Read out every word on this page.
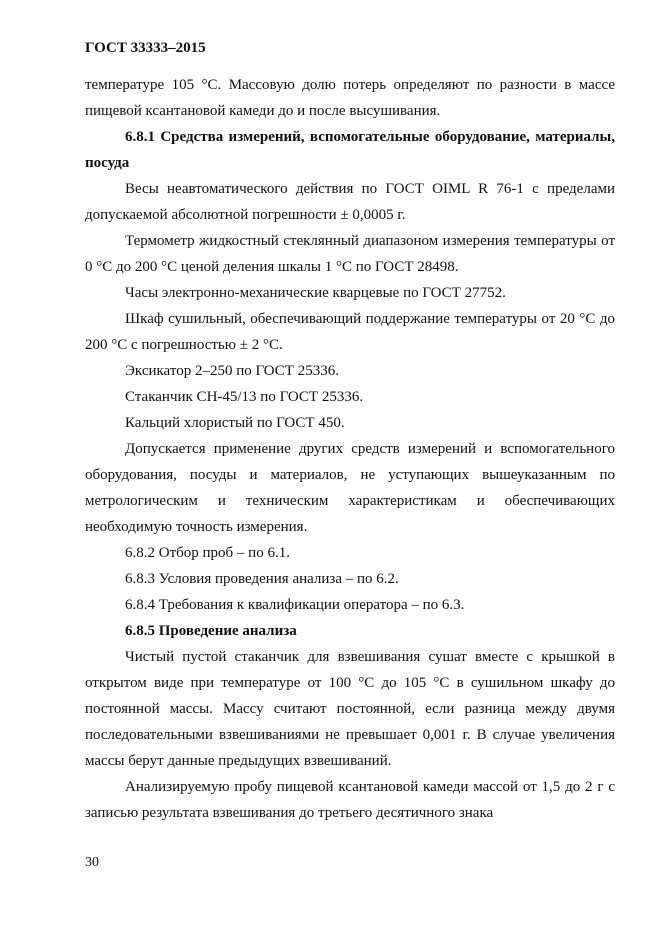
ГОСТ 33333–2015

температуре 105 °С. Массовую долю потерь определяют по разности в массе пищевой ксантановой камеди до и после высушивания.

6.8.1 Средства измерений, вспомогательные оборудование, материалы, посуда

Весы неавтоматического действия по ГОСТ OIML R 76-1 с пределами допускаемой абсолютной погрешности ± 0,0005 г.

Термометр жидкостный стеклянный диапазоном измерения температуры от 0 °С до 200 °С ценой деления шкалы 1 °С по ГОСТ 28498.

Часы электронно-механические кварцевые по ГОСТ 27752.

Шкаф сушильный, обеспечивающий поддержание температуры от 20 °С до 200 °С с погрешностью ± 2 °С.

Эксикатор 2–250 по ГОСТ 25336.

Стаканчик СН-45/13 по ГОСТ 25336.

Кальций хлористый по ГОСТ 450.

Допускается применение других средств измерений и вспомогательного оборудования, посуды и материалов, не уступающих вышеуказанным по метрологическим и техническим характеристикам и обеспечивающих необходимую точность измерения.

6.8.2 Отбор проб – по 6.1.

6.8.3 Условия проведения анализа – по 6.2.

6.8.4 Требования к квалификации оператора – по 6.3.

6.8.5 Проведение анализа

Чистый пустой стаканчик для взвешивания сушат вместе с крышкой в открытом виде при температуре от 100 °С до 105 °С в сушильном шкафу до постоянной массы. Массу считают постоянной, если разница между двумя последовательными взвешиваниями не превышает 0,001 г. В случае увеличения массы берут данные предыдущих взвешиваний.

Анализируемую пробу пищевой ксантановой камеди массой от 1,5 до 2 г с записью результата взвешивания до третьего десятичного знака

30
